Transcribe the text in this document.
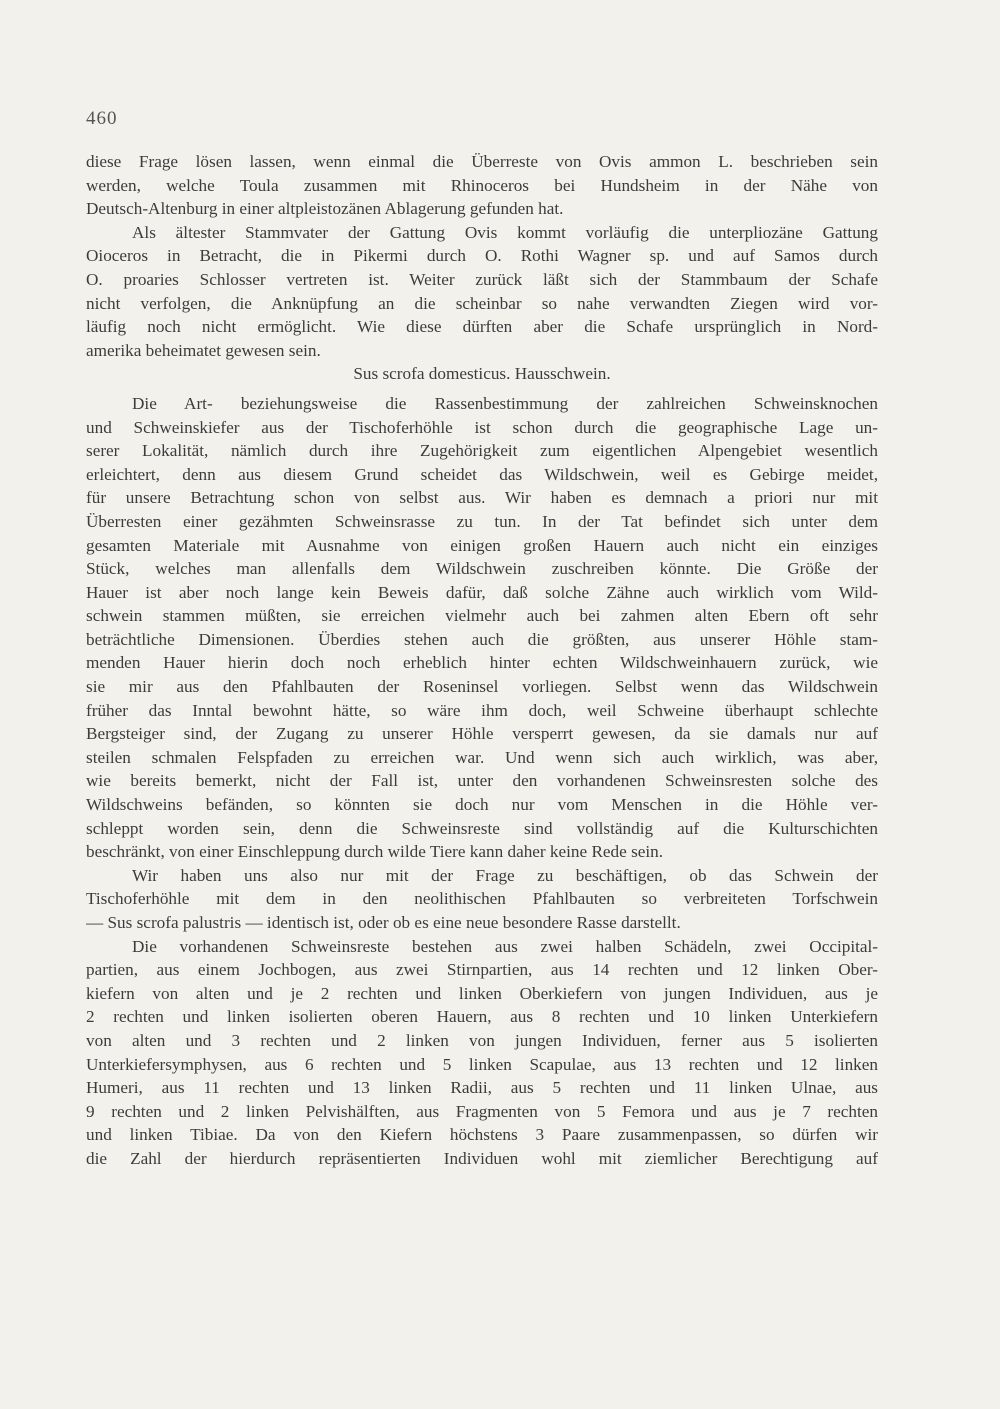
460
diese Frage lösen lassen, wenn einmal die Überreste von Ovis ammon L. beschrieben sein
werden, welche Toula zusammen mit Rhinoceros bei Hundsheim in der Nähe von
Deutsch-Altenburg in einer altpleistozänen Ablagerung gefunden hat.
Als ältester Stammvater der Gattung Ovis kommt vorläufig die unterpliozäne Gattung
Oioceros in Betracht, die in Pikermi durch O. Rothi Wagner sp. und auf Samos durch
O. proaries Schlosser vertreten ist. Weiter zurück läßt sich der Stammbaum der Schafe
nicht verfolgen, die Anknüpfung an die scheinbar so nahe verwandten Ziegen wird vor-
läufig noch nicht ermöglicht. Wie diese dürften aber die Schafe ursprünglich in Nord-
amerika beheimatet gewesen sein.
Sus scrofa domesticus. Hausschwein.
Die Art- beziehungsweise die Rassenbestimmung der zahlreichen Schweinsknochen
und Schweinskiefer aus der Tischoferhöhle ist schon durch die geographische Lage un-
serer Lokalität, nämlich durch ihre Zugehörigkeit zum eigentlichen Alpengebiet wesentlich
erleichtert, denn aus diesem Grund scheidet das Wildschwein, weil es Gebirge meidet,
für unsere Betrachtung schon von selbst aus. Wir haben es demnach a priori nur mit
Überresten einer gezähmten Schweinsrasse zu tun. In der Tat befindet sich unter dem
gesamten Materiale mit Ausnahme von einigen großen Hauern auch nicht ein einziges
Stück, welches man allenfalls dem Wildschwein zuschreiben könnte. Die Größe der
Hauer ist aber noch lange kein Beweis dafür, daß solche Zähne auch wirklich vom Wild-
schwein stammen müßten, sie erreichen vielmehr auch bei zahmen alten Ebern oft sehr
beträchtliche Dimensionen. Überdies stehen auch die größten, aus unserer Höhle stam-
menden Hauer hierin doch noch erheblich hinter echten Wildschweinhauern zurück, wie
sie mir aus den Pfahlbauten der Roseninsel vorliegen. Selbst wenn das Wildschwein
früher das Inntal bewohnt hätte, so wäre ihm doch, weil Schweine überhaupt schlechte
Bergsteiger sind, der Zugang zu unserer Höhle versperrt gewesen, da sie damals nur auf
steilen schmalen Felspfaden zu erreichen war. Und wenn sich auch wirklich, was aber,
wie bereits bemerkt, nicht der Fall ist, unter den vorhandenen Schweinsresten solche des
Wildschweins befänden, so könnten sie doch nur vom Menschen in die Höhle ver-
schleppt worden sein, denn die Schweinsreste sind vollständig auf die Kulturschichten
beschränkt, von einer Einschleppung durch wilde Tiere kann daher keine Rede sein.
Wir haben uns also nur mit der Frage zu beschäftigen, ob das Schwein der
Tischoferhöhle mit dem in den neolithischen Pfahlbauten so verbreiteten Torfschwein
— Sus scrofa palustris — identisch ist, oder ob es eine neue besondere Rasse darstellt.
Die vorhandenen Schweinsreste bestehen aus zwei halben Schädeln, zwei Occipital-
partien, aus einem Jochbogen, aus zwei Stirnpartien, aus 14 rechten und 12 linken Ober-
kiefern von alten und je 2 rechten und linken Oberkiefern von jungen Individuen, aus je
2 rechten und linken isolierten oberen Hauern, aus 8 rechten und 10 linken Unterkiefern
von alten und 3 rechten und 2 linken von jungen Individuen, ferner aus 5 isolierten
Unterkiefersymphysen, aus 6 rechten und 5 linken Scapulae, aus 13 rechten und 12 linken
Humeri, aus 11 rechten und 13 linken Radii, aus 5 rechten und 11 linken Ulnae, aus
9 rechten und 2 linken Pelvishälften, aus Fragmenten von 5 Femora und aus je 7 rechten
und linken Tibiae. Da von den Kiefern höchstens 3 Paare zusammenpassen, so dürfen wir
die Zahl der hierdurch repräsentierten Individuen wohl mit ziemlicher Berechtigung auf
